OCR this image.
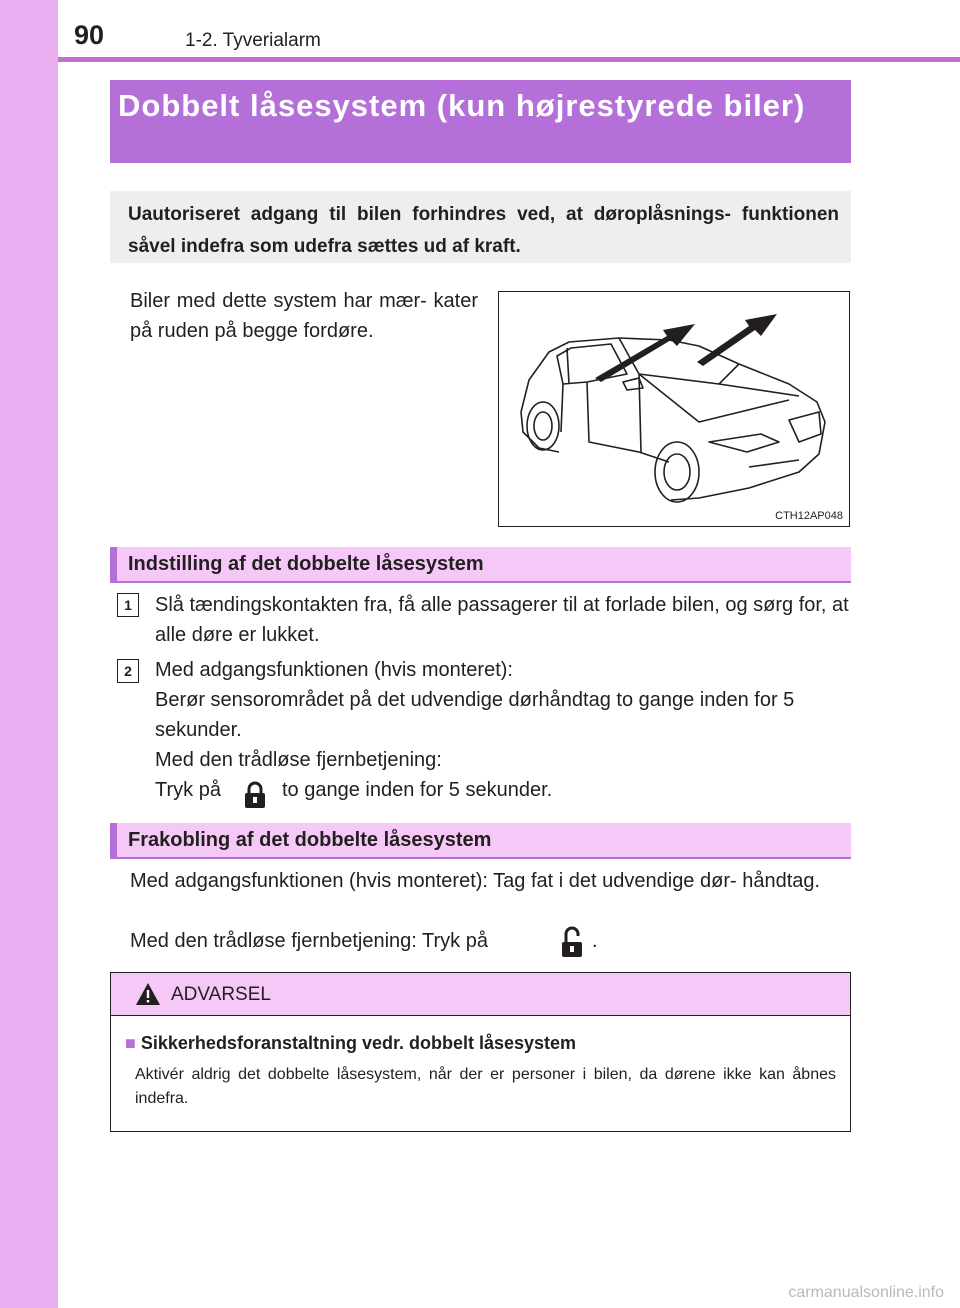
90	1-2. Tyverialarm
Dobbelt låsesystem (kun højrestyrede biler)
Uautoriseret adgang til bilen forhindres ved, at døroplåsnings- funktionen såvel indefra som udefra sættes ud af kraft.
Biler med dette system har mær- kater på ruden på begge fordøre.
CTH12AP048
Indstilling af det dobbelte låsesystem
1	Slå tændingskontakten fra, få alle passagerer til at forlade bilen, og sørg for, at alle døre er lukket.
2	Med adgangsfunktionen (hvis monteret):
Berør sensorområdet på det udvendige dørhåndtag to gange inden for 5 sekunder.
Med den trådløse fjernbetjening:
Tryk på	to gange inden for 5 sekunder.
Frakobling af det dobbelte låsesystem
Med adgangsfunktionen (hvis monteret): Tag fat i det udvendige dør- håndtag.
Med den trådløse fjernbetjening: Tryk på	.
ADVARSEL
■ Sikkerhedsforanstaltning vedr. dobbelt låsesystem
Aktivér aldrig det dobbelte låsesystem, når der er personer i bilen, da dørene ikke kan åbnes indefra.
carmanualsonline.info
